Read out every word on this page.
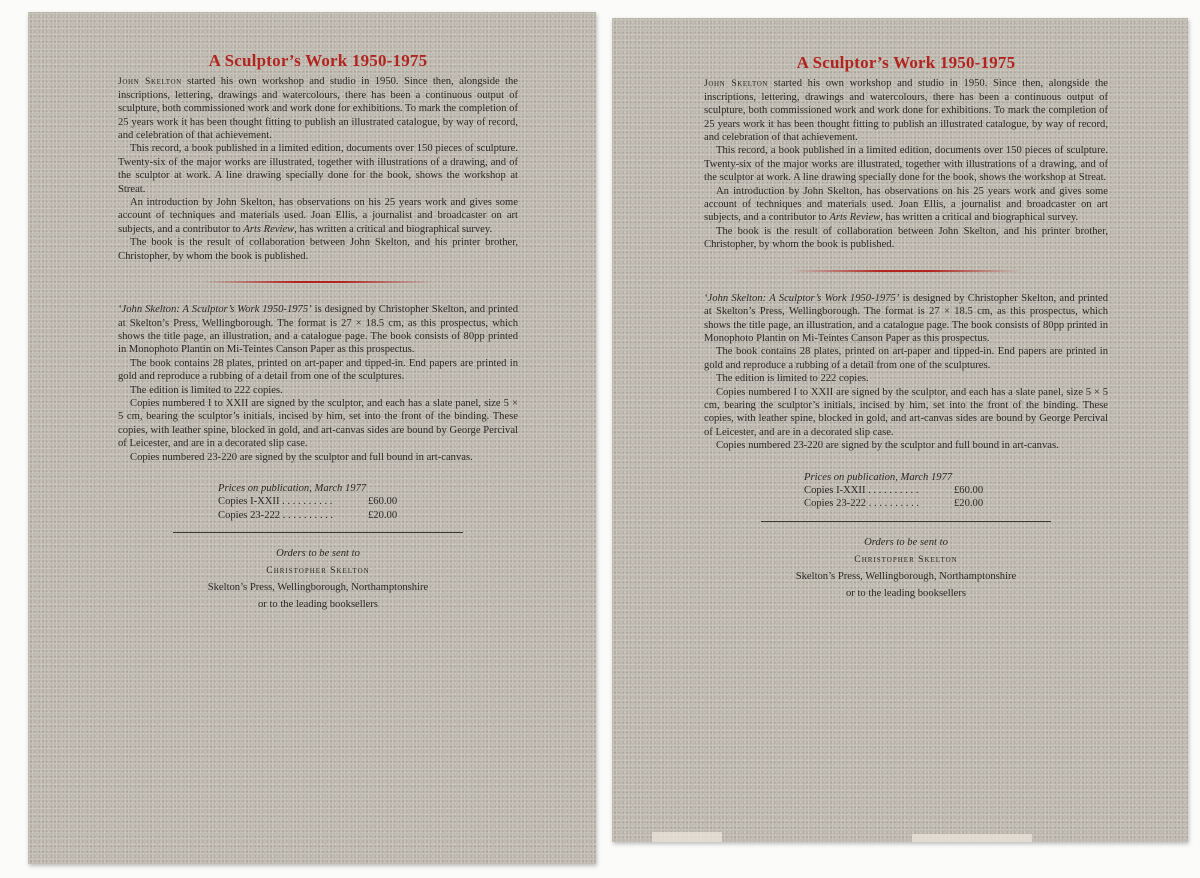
A Sculptor’s Work 1950-1975

John Skelton started his own workshop and studio in 1950. Since then, alongside the inscriptions, lettering, drawings and watercolours, there has been a continuous output of sculpture, both commissioned work and work done for exhibitions. To mark the completion of 25 years work it has been thought fitting to publish an illustrated catalogue, by way of record, and celebration of that achievement.

This record, a book published in a limited edition, documents over 150 pieces of sculpture. Twenty-six of the major works are illustrated, together with illustrations of a drawing, and of the sculptor at work. A line drawing specially done for the book, shows the workshop at Streat.

An introduction by John Skelton, has observations on his 25 years work and gives some account of techniques and materials used. Joan Ellis, a journalist and broadcaster on art subjects, and a contributor to Arts Review, has written a critical and biographical survey.

The book is the result of collaboration between John Skelton, and his printer brother, Christopher, by whom the book is published.

‘John Skelton: A Sculptor’s Work 1950-1975’ is designed by Christopher Skelton, and printed at Skelton’s Press, Wellingborough. The format is 27 × 18.5 cm, as this prospectus, which shows the title page, an illustration, and a catalogue page. The book consists of 80pp printed in Monophoto Plantin on Mi-Teintes Canson Paper as this prospectus.

The book contains 28 plates, printed on art-paper and tipped-in. End papers are printed in gold and reproduce a rubbing of a detail from one of the sculptures.

The edition is limited to 222 copies.

Copies numbered I to XXII are signed by the sculptor, and each has a slate panel, size 5 × 5 cm, bearing the sculptor’s initials, incised by him, set into the front of the binding. These copies, with leather spine, blocked in gold, and art-canvas sides are bound by George Percival of Leicester, and are in a decorated slip case.

Copies numbered 23-220 are signed by the sculptor and full bound in art-canvas.

Prices on publication, March 1977
Copies I-XXII . . . . . . . . . .	£60.00
Copies 23-222 . . . . . . . . . .	£20.00
Orders to be sent to
Christopher Skelton
Skelton’s Press, Wellingborough, Northamptonshire
or to the leading booksellers
A Sculptor’s Work 1950-1975

John Skelton started his own workshop and studio in 1950. Since then, alongside the inscriptions, lettering, drawings and watercolours, there has been a continuous output of sculpture, both commissioned work and work done for exhibitions. To mark the completion of 25 years work it has been thought fitting to publish an illustrated catalogue, by way of record, and celebration of that achievement.

This record, a book published in a limited edition, documents over 150 pieces of sculpture. Twenty-six of the major works are illustrated, together with illustrations of a drawing, and of the sculptor at work. A line drawing specially done for the book, shows the workshop at Streat.

An introduction by John Skelton, has observations on his 25 years work and gives some account of techniques and materials used. Joan Ellis, a journalist and broadcaster on art subjects, and a contributor to Arts Review, has written a critical and biographical survey.

The book is the result of collaboration between John Skelton, and his printer brother, Christopher, by whom the book is published.

‘John Skelton: A Sculptor’s Work 1950-1975’ is designed by Christopher Skelton, and printed at Skelton’s Press, Wellingborough. The format is 27 × 18.5 cm, as this prospectus, which shows the title page, an illustration, and a catalogue page. The book consists of 80pp printed in Monophoto Plantin on Mi-Teintes Canson Paper as this prospectus.

The book contains 28 plates, printed on art-paper and tipped-in. End papers are printed in gold and reproduce a rubbing of a detail from one of the sculptures.

The edition is limited to 222 copies.

Copies numbered I to XXII are signed by the sculptor, and each has a slate panel, size 5 × 5 cm, bearing the sculptor’s initials, incised by him, set into the front of the binding. These copies, with leather spine, blocked in gold, and art-canvas sides are bound by George Percival of Leicester, and are in a decorated slip case.

Copies numbered 23-220 are signed by the sculptor and full bound in art-canvas.

Prices on publication, March 1977
Copies I-XXII . . . . . . . . . .	£60.00
Copies 23-222 . . . . . . . . . .	£20.00
Orders to be sent to
Christopher Skelton
Skelton’s Press, Wellingborough, Northamptonshire
or to the leading booksellers
